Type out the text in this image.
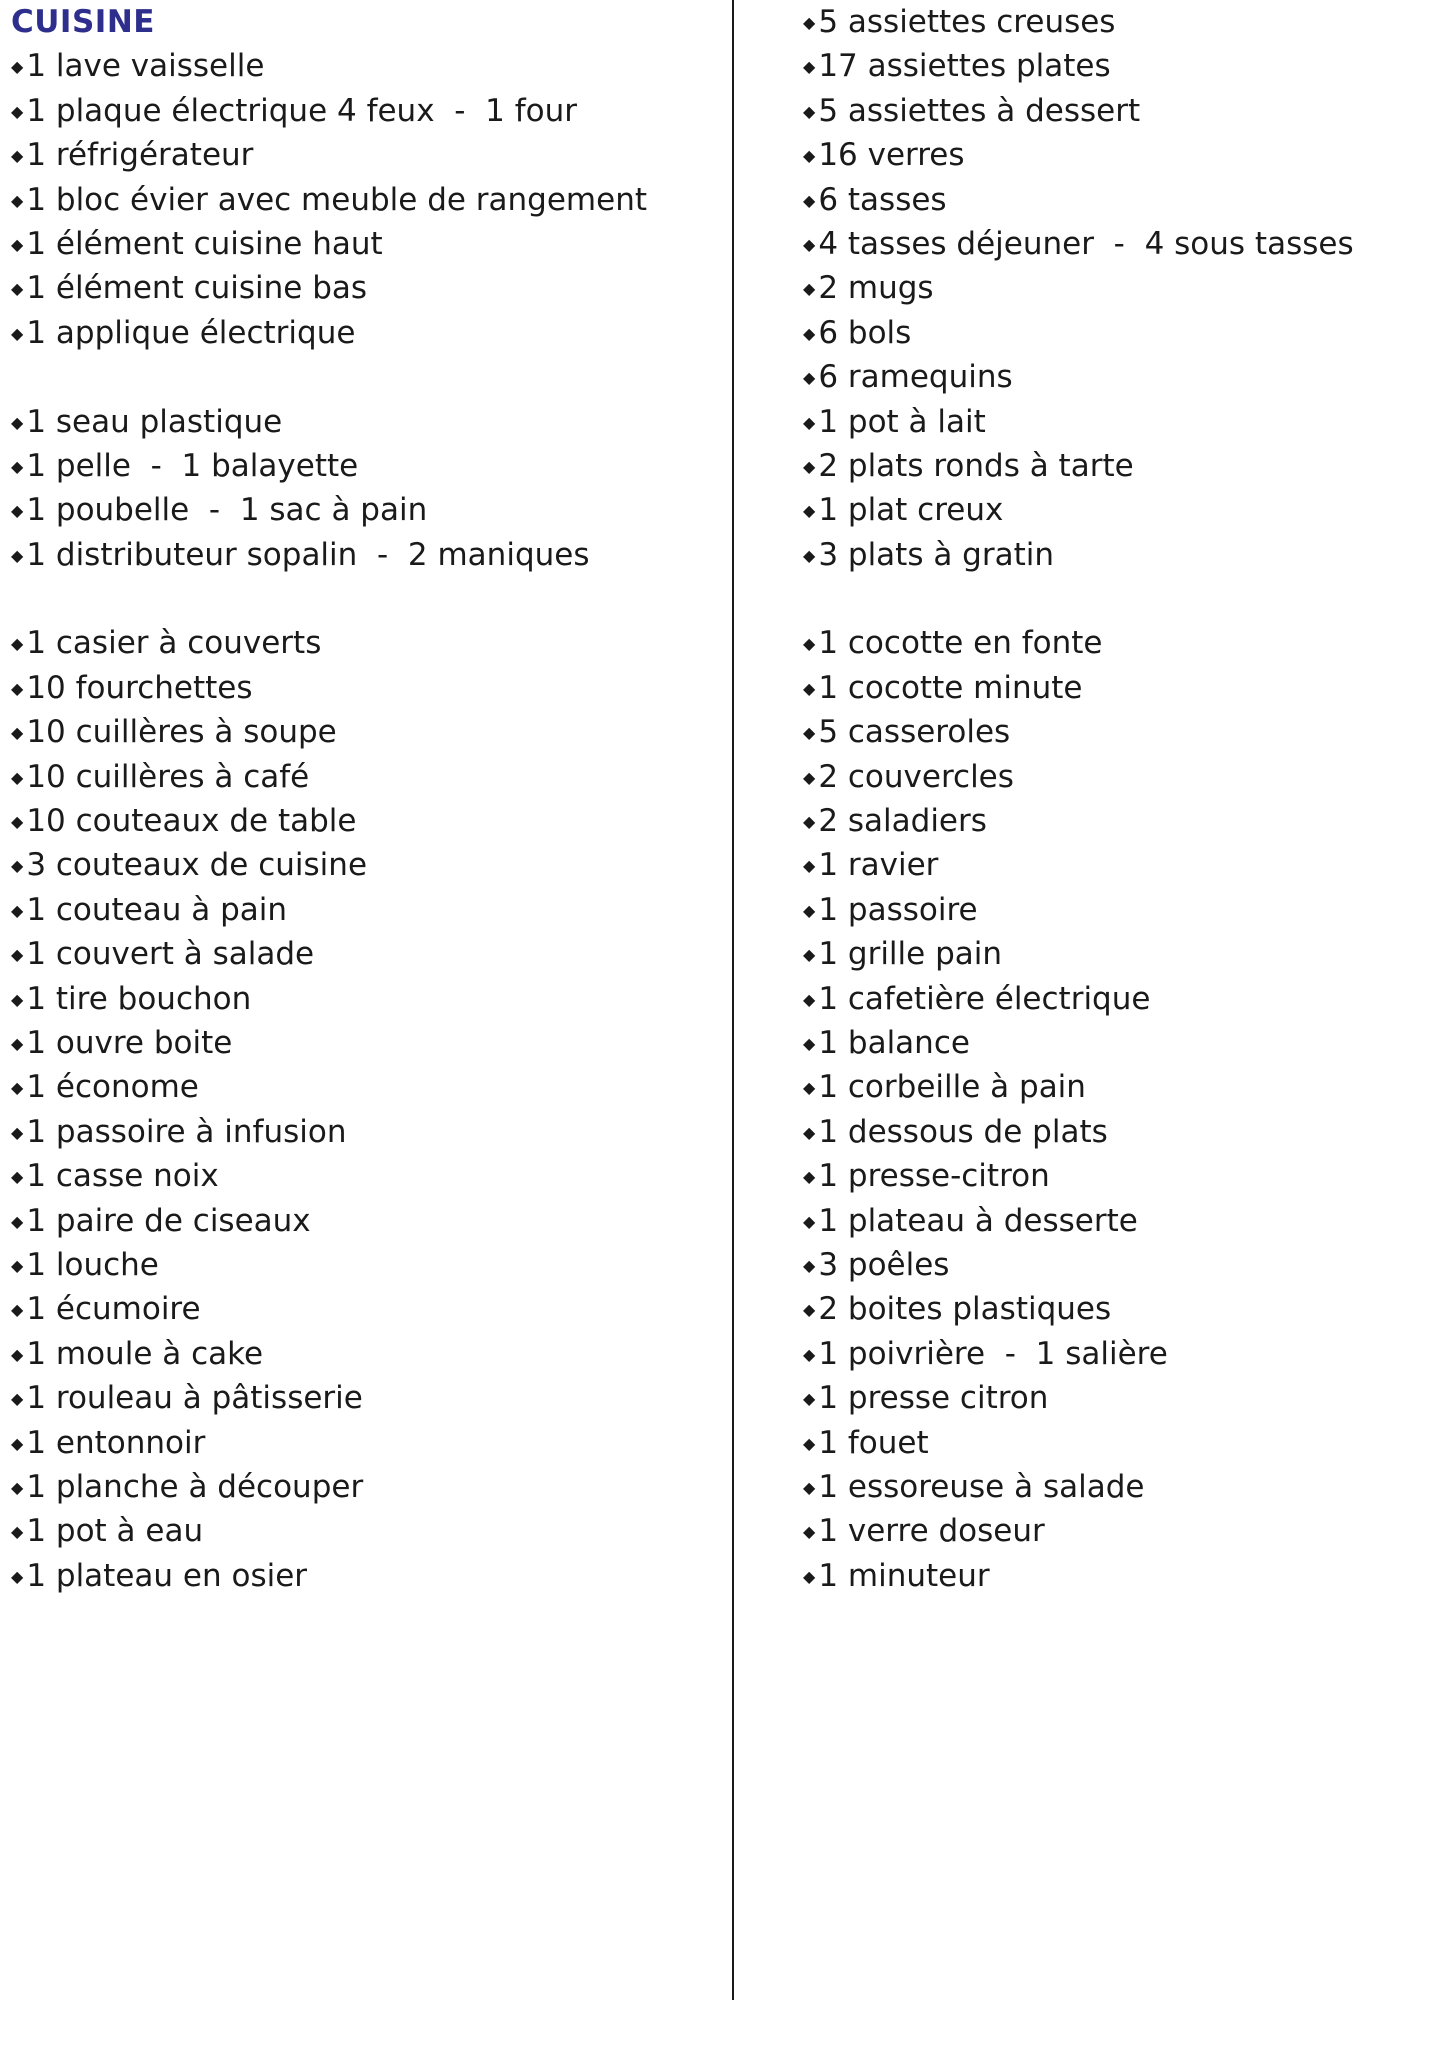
CUISINE
◆1 lave vaisselle
◆1 plaque électrique 4 feux  -  1 four
◆1 réfrigérateur
◆1 bloc évier avec meuble de rangement
◆1 élément cuisine haut
◆1 élément cuisine bas
◆1 applique électrique
◆1 seau plastique
◆1 pelle  -  1 balayette
◆1 poubelle  -  1 sac à pain
◆1 distributeur sopalin  -  2 maniques
◆1 casier à couverts
◆10 fourchettes
◆10 cuillères à soupe
◆10 cuillères à café
◆10 couteaux de table
◆3 couteaux de cuisine
◆1 couteau à pain
◆1 couvert à salade
◆1 tire bouchon
◆1 ouvre boite
◆1 économe
◆1 passoire à infusion
◆1 casse noix
◆1 paire de ciseaux
◆1 louche
◆1 écumoire
◆1 moule à cake
◆1 rouleau à pâtisserie
◆1 entonnoir
◆1 planche à découper
◆1 pot à eau
◆1 plateau en osier
◆5 assiettes creuses
◆17 assiettes plates
◆5 assiettes à dessert
◆16 verres
◆6 tasses
◆4 tasses déjeuner  -  4 sous tasses
◆2 mugs
◆6 bols
◆6 ramequins
◆1 pot à lait
◆2 plats ronds à tarte
◆1 plat creux
◆3 plats à gratin
◆1 cocotte en fonte
◆1 cocotte minute
◆5 casseroles
◆2 couvercles
◆2 saladiers
◆1 ravier
◆1 passoire
◆1 grille pain
◆1 cafetière électrique
◆1 balance
◆1 corbeille à pain
◆1 dessous de plats
◆1 presse-citron
◆1 plateau à desserte
◆3 poêles
◆2 boites plastiques
◆1 poivrière  -  1 salière
◆1 presse citron
◆1 fouet
◆1 essoreuse à salade
◆1 verre doseur
◆1 minuteur
